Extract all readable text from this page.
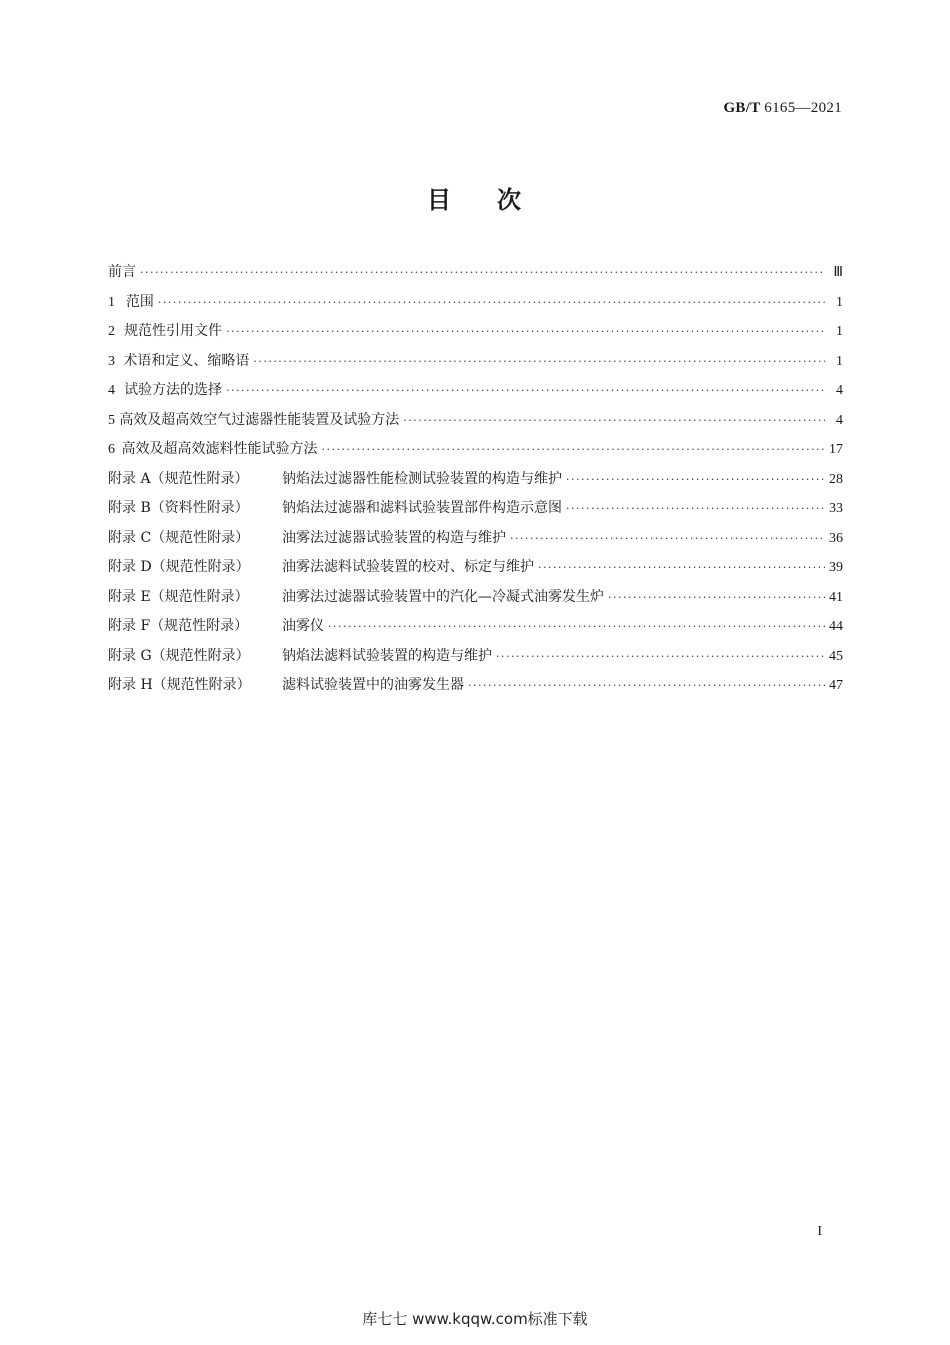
GB/T 6165—2021
目 次
前言 ·····	Ⅲ
1 范围 ·····	1
2 规范性引用文件 ·····	1
3 术语和定义、缩略语 ·····	1
4 试验方法的选择 ·····	4
5 高效及超高效空气过滤器性能装置及试验方法 ·····	4
6 高效及超高效滤料性能试验方法 ·····	17
附录 A（规范性附录）	钠焰法过滤器性能检测试验装置的构造与维护 ·····	28
附录 B（资料性附录）	钠焰法过滤器和滤料试验装置部件构造示意图 ·····	33
附录 C（规范性附录）	油雾法过滤器试验装置的构造与维护 ·····	36
附录 D（规范性附录）	油雾法滤料试验装置的校对、标定与维护 ·····	39
附录 E（规范性附录）	油雾法过滤器试验装置中的汽化—冷凝式油雾发生炉 ·····	41
附录 F（规范性附录）	油雾仪 ·····	44
附录 G（规范性附录）	钠焰法滤料试验装置的构造与维护 ·····	45
附录 H（规范性附录）	滤料试验装置中的油雾发生器 ·····	47
I
库七七 www.kqqw.com标准下载
